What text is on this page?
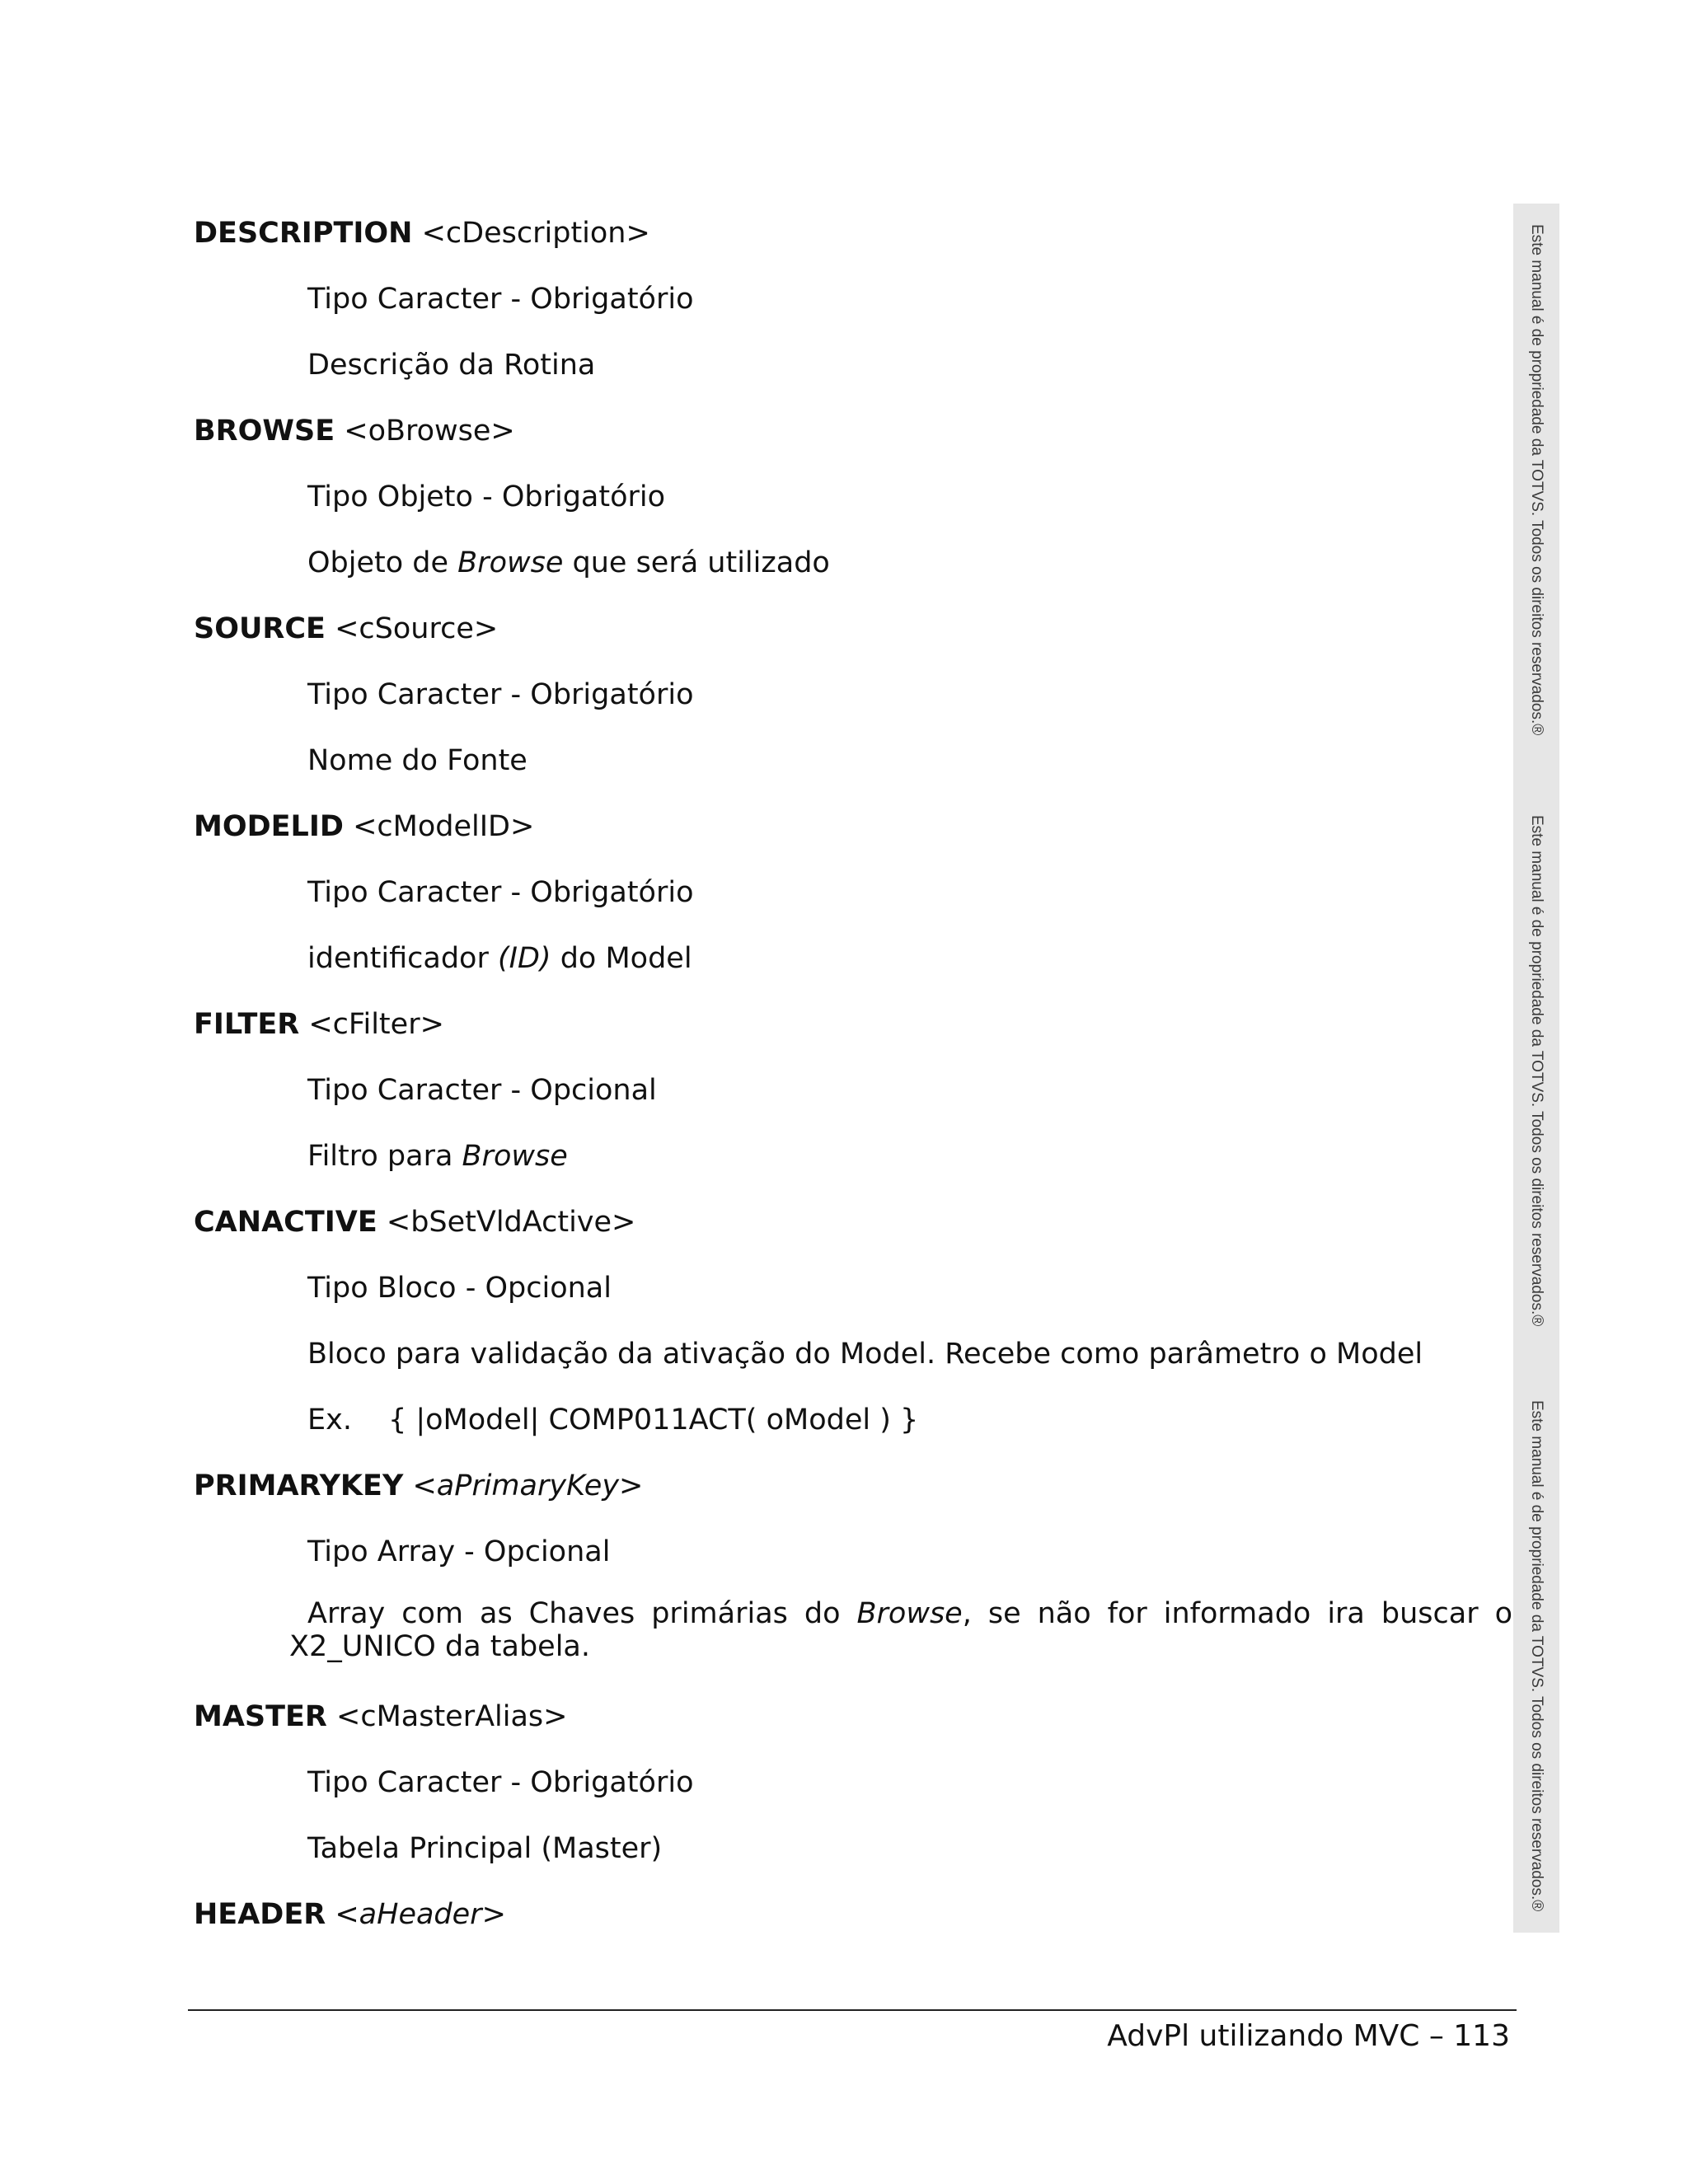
DESCRIPTION <cDescription>
Tipo Caracter - Obrigatório
Descrição da Rotina
BROWSE <oBrowse>
Tipo Objeto - Obrigatório
Objeto de Browse que será utilizado
SOURCE <cSource>
Tipo Caracter - Obrigatório
Nome do Fonte
MODELID <cModelID>
Tipo Caracter - Obrigatório
identificador (ID) do Model
FILTER <cFilter>
Tipo Caracter - Opcional
Filtro para Browse
CANACTIVE <bSetVldActive>
Tipo Bloco - Opcional
Bloco para validação da ativação do Model. Recebe como parâmetro o Model
Ex. { |oModel| COMP011ACT( oModel ) }
PRIMARYKEY <aPrimaryKey>
Tipo Array - Opcional
Array com as Chaves primárias do Browse, se não for informado ira buscar o
X2_UNICO da tabela.
MASTER <cMasterAlias>
Tipo Caracter - Obrigatório
Tabela Principal (Master)
HEADER <aHeader>
Este manual é de propriedade da TOTVS. Todos os direitos reservados.®
Este manual é de propriedade da TOTVS. Todos os direitos reservados.®
Este manual é de propriedade da TOTVS. Todos os direitos reservados.®
AdvPl utilizando MVC – 113
